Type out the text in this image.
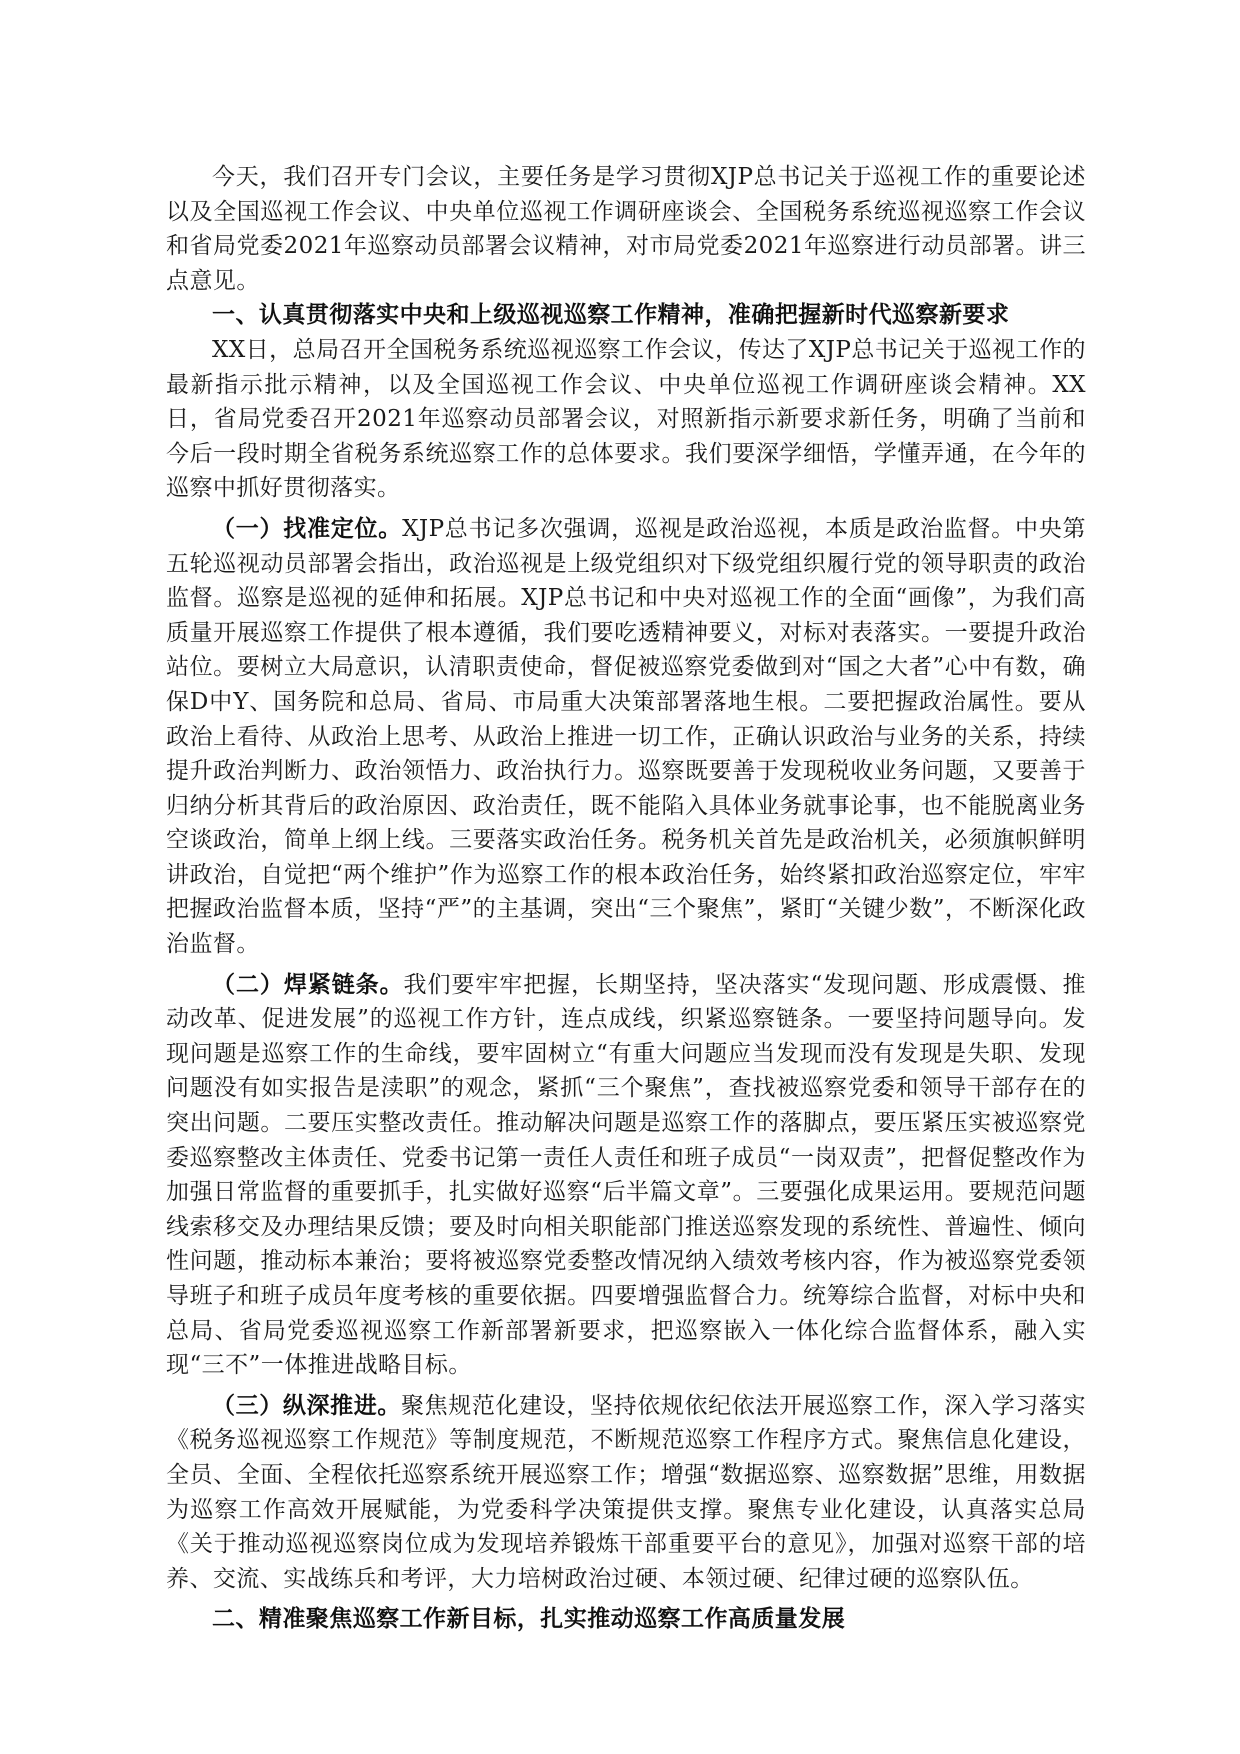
今天，我们召开专门会议，主要任务是学习贯彻XJP总书记关于巡视工作的重要论述以及全国巡视工作会议、中央单位巡视工作调研座谈会、全国税务系统巡视巡察工作会议和省局党委2021年巡察动员部署会议精神，对市局党委2021年巡察进行动员部署。讲三点意见。

一、认真贯彻落实中央和上级巡视巡察工作精神，准确把握新时代巡察新要求

XX日，总局召开全国税务系统巡视巡察工作会议，传达了XJP总书记关于巡视工作的最新指示批示精神，以及全国巡视工作会议、中央单位巡视工作调研座谈会精神。XX日，省局党委召开2021年巡察动员部署会议，对照新指示新要求新任务，明确了当前和今后一段时期全省税务系统巡察工作的总体要求。我们要深学细悟，学懂弄通，在今年的巡察中抓好贯彻落实。

（一）找准定位。XJP总书记多次强调，巡视是政治巡视，本质是政治监督。中央第五轮巡视动员部署会指出，政治巡视是上级党组织对下级党组织履行党的领导职责的政治监督。巡察是巡视的延伸和拓展。XJP总书记和中央对巡视工作的全面“画像”，为我们高质量开展巡察工作提供了根本遵循，我们要吃透精神要义，对标对表落实。一要提升政治站位。要树立大局意识，认清职责使命，督促被巡察党委做到对“国之大者”心中有数，确保D中Y、国务院和总局、省局、市局重大决策部署落地生根。二要把握政治属性。要从政治上看待、从政治上思考、从政治上推进一切工作，正确认识政治与业务的关系，持续提升政治判断力、政治领悟力、政治执行力。巡察既要善于发现税收业务问题，又要善于归纳分析其背后的政治原因、政治责任，既不能陷入具体业务就事论事，也不能脱离业务空谈政治，简单上纲上线。三要落实政治任务。税务机关首先是政治机关，必须旗帜鲜明讲政治，自觉把“两个维护”作为巡察工作的根本政治任务，始终紧扣政治巡察定位，牢牢把握政治监督本质，坚持“严”的主基调，突出“三个聚焦”，紧盯“关键少数”，不断深化政治监督。

（二）焊紧链条。我们要牢牢把握，长期坚持，坚决落实“发现问题、形成震慑、推动改革、促进发展”的巡视工作方针，连点成线，织紧巡察链条。一要坚持问题导向。发现问题是巡察工作的生命线，要牢固树立“有重大问题应当发现而没有发现是失职、发现问题没有如实报告是渎职”的观念，紧抓“三个聚焦”，查找被巡察党委和领导干部存在的突出问题。二要压实整改责任。推动解决问题是巡察工作的落脚点，要压紧压实被巡察党委巡察整改主体责任、党委书记第一责任人责任和班子成员“一岗双责”，把督促整改作为加强日常监督的重要抓手，扎实做好巡察“后半篇文章”。三要强化成果运用。要规范问题线索移交及办理结果反馈；要及时向相关职能部门推送巡察发现的系统性、普遍性、倾向性问题，推动标本兼治；要将被巡察党委整改情况纳入绩效考核内容，作为被巡察党委领导班子和班子成员年度考核的重要依据。四要增强监督合力。统筹综合监督，对标中央和总局、省局党委巡视巡察工作新部署新要求，把巡察嵌入一体化综合监督体系，融入实现“三不”一体推进战略目标。

（三）纵深推进。聚焦规范化建设，坚持依规依纪依法开展巡察工作，深入学习落实《税务巡视巡察工作规范》等制度规范，不断规范巡察工作程序方式。聚焦信息化建设，全员、全面、全程依托巡察系统开展巡察工作；增强“数据巡察、巡察数据”思维，用数据为巡察工作高效开展赋能，为党委科学决策提供支撑。聚焦专业化建设，认真落实总局《关于推动巡视巡察岗位成为发现培养锻炼干部重要平台的意见》，加强对巡察干部的培养、交流、实战练兵和考评，大力培树政治过硬、本领过硬、纪律过硬的巡察队伍。

二、精准聚焦巡察工作新目标，扎实推动巡察工作高质量发展
